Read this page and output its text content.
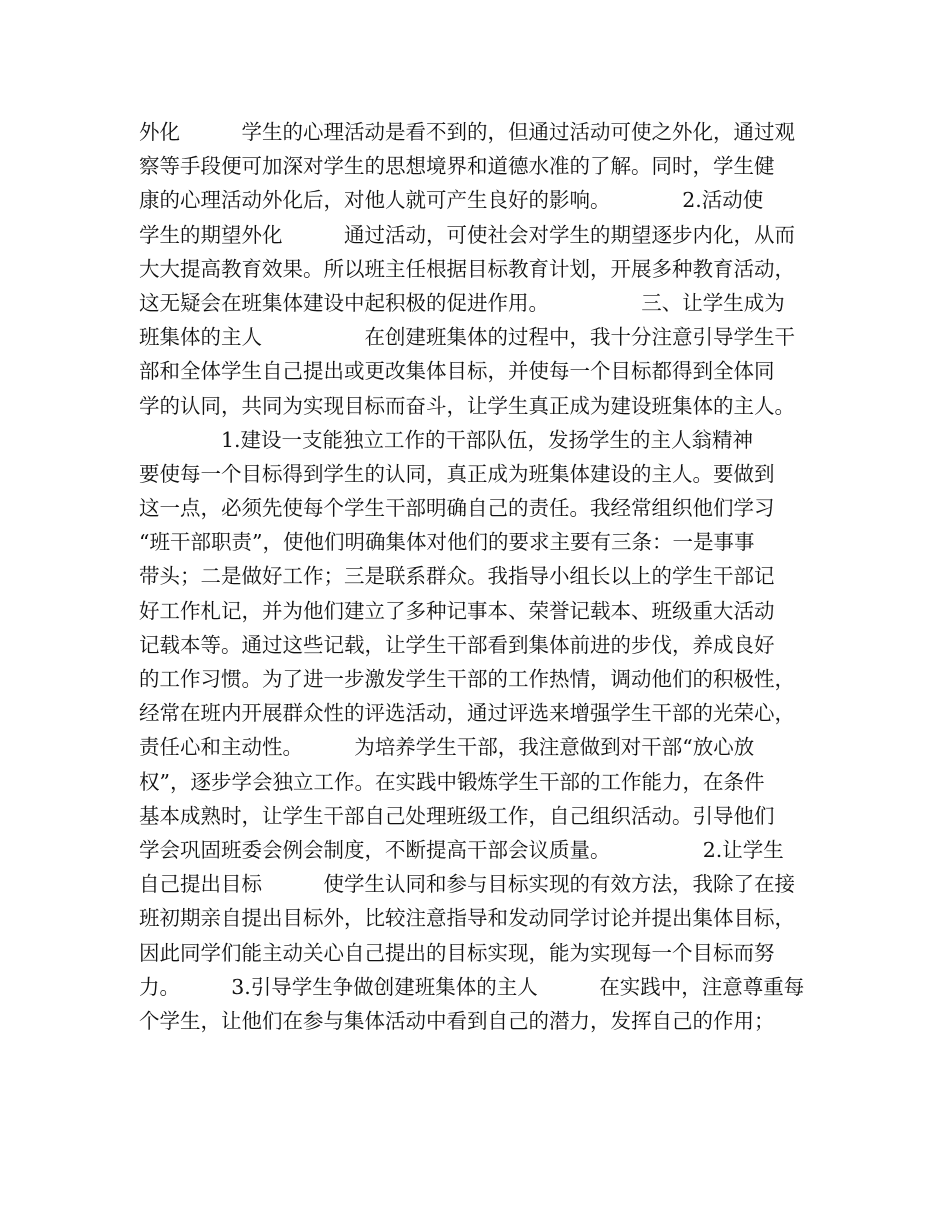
外化　　　学生的心理活动是看不到的，但通过活动可使之外化，通过观
察等手段便可加深对学生的思想境界和道德水准的了解。同时，学生健
康的心理活动外化后，对他人就可产生良好的影响。　　　　2.活动使
学生的期望外化　　　通过活动，可使社会对学生的期望逐步内化，从而
大大提高教育效果。所以班主任根据目标教育计划，开展多种教育活动，
这无疑会在班集体建设中起积极的促进作用。　　　　　三、让学生成为
班集体的主人　　　　　在创建班集体的过程中，我十分注意引导学生干
部和全体学生自己提出或更改集体目标，并使每一个目标都得到全体同
学的认同，共同为实现目标而奋斗，让学生真正成为建设班集体的主人。
　　　　1.建设一支能独立工作的干部队伍，发扬学生的主人翁精神
要使每一个目标得到学生的认同，真正成为班集体建设的主人。要做到
这一点，必须先使每个学生干部明确自己的责任。我经常组织他们学习
“班干部职责”，使他们明确集体对他们的要求主要有三条：一是事事
带头；二是做好工作；三是联系群众。我指导小组长以上的学生干部记
好工作札记，并为他们建立了多种记事本、荣誉记载本、班级重大活动
记载本等。通过这些记载，让学生干部看到集体前进的步伐，养成良好
的工作习惯。为了进一步激发学生干部的工作热情，调动他们的积极性，
经常在班内开展群众性的评选活动，通过评选来增强学生干部的光荣心，
责任心和主动性。　　　为培养学生干部，我注意做到对干部“放心放
权”，逐步学会独立工作。在实践中锻炼学生干部的工作能力，在条件
基本成熟时，让学生干部自己处理班级工作，自己组织活动。引导他们
学会巩固班委会例会制度，不断提高干部会议质量。　　　　　2.让学生
自己提出目标　　　使学生认同和参与目标实现的有效方法，我除了在接
班初期亲自提出目标外，比较注意指导和发动同学讨论并提出集体目标，
因此同学们能主动关心自己提出的目标实现，能为实现每一个目标而努
力。　　　3.引导学生争做创建班集体的主人　　　在实践中，注意尊重每
个学生，让他们在参与集体活动中看到自己的潜力，发挥自己的作用；
